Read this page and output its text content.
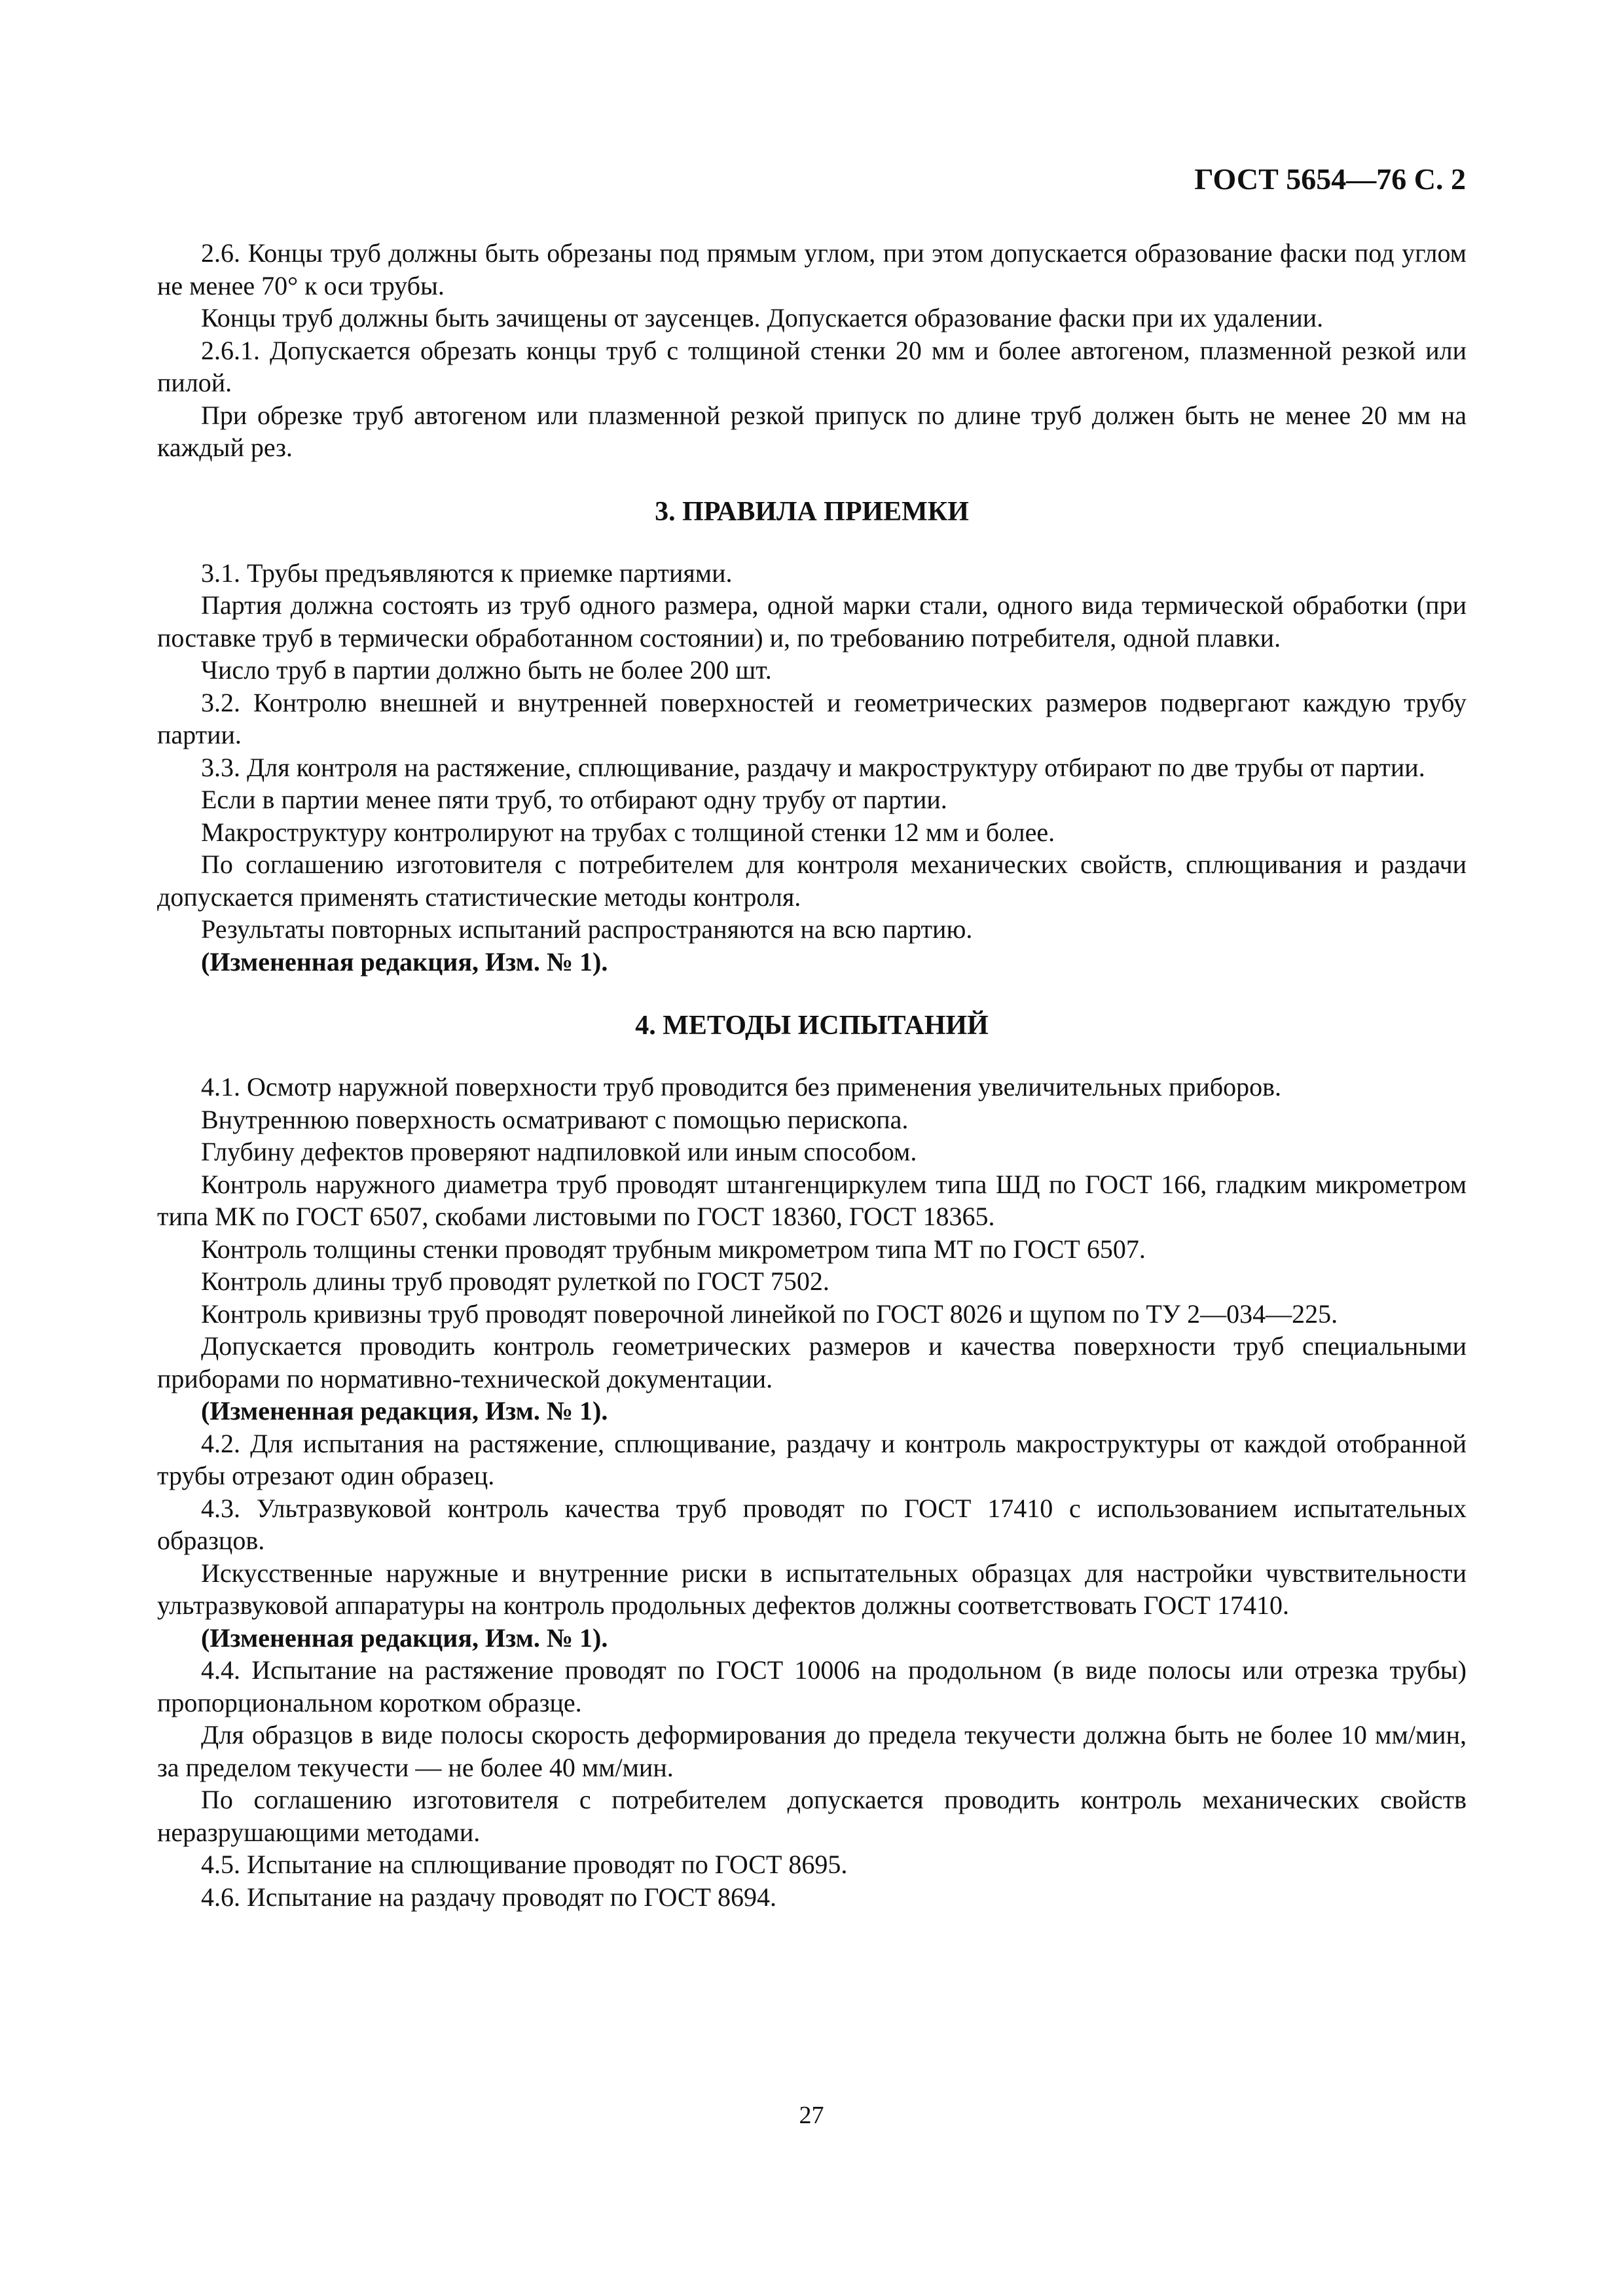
ГОСТ 5654—76 С. 2

2.6. Концы труб должны быть обрезаны под прямым углом, при этом допускается образование фаски под углом не менее 70° к оси трубы.

Концы труб должны быть зачищены от заусенцев. Допускается образование фаски при их удалении.

2.6.1. Допускается обрезать концы труб с толщиной стенки 20 мм и более автогеном, плазменной резкой или пилой.

При обрезке труб автогеном или плазменной резкой припуск по длине труб должен быть не менее 20 мм на каждый рез.

3. ПРАВИЛА ПРИЕМКИ

3.1. Трубы предъявляются к приемке партиями.

Партия должна состоять из труб одного размера, одной марки стали, одного вида термической обработки (при поставке труб в термически обработанном состоянии) и, по требованию потребителя, одной плавки.

Число труб в партии должно быть не более 200 шт.

3.2. Контролю внешней и внутренней поверхностей и геометрических размеров подвергают каждую трубу партии.

3.3. Для контроля на растяжение, сплющивание, раздачу и макроструктуру отбирают по две трубы от партии.

Если в партии менее пяти труб, то отбирают одну трубу от партии.

Макроструктуру контролируют на трубах с толщиной стенки 12 мм и более.

По соглашению изготовителя с потребителем для контроля механических свойств, сплющивания и раздачи допускается применять статистические методы контроля.

Результаты повторных испытаний распространяются на всю партию.

(Измененная редакция, Изм. № 1).

4. МЕТОДЫ ИСПЫТАНИЙ

4.1. Осмотр наружной поверхности труб проводится без применения увеличительных приборов.

Внутреннюю поверхность осматривают с помощью перископа.

Глубину дефектов проверяют надпиловкой или иным способом.

Контроль наружного диаметра труб проводят штангенциркулем типа ШД по ГОСТ 166, гладким микрометром типа МК по ГОСТ 6507, скобами листовыми по ГОСТ 18360, ГОСТ 18365.

Контроль толщины стенки проводят трубным микрометром типа МТ по ГОСТ 6507.

Контроль длины труб проводят рулеткой по ГОСТ 7502.

Контроль кривизны труб проводят поверочной линейкой по ГОСТ 8026 и щупом по ТУ 2—034—225.

Допускается проводить контроль геометрических размеров и качества поверхности труб специальными приборами по нормативно-технической документации.

(Измененная редакция, Изм. № 1).

4.2. Для испытания на растяжение, сплющивание, раздачу и контроль макроструктуры от каждой отобранной трубы отрезают один образец.

4.3. Ультразвуковой контроль качества труб проводят по ГОСТ 17410 с использованием испытательных образцов.

Искусственные наружные и внутренние риски в испытательных образцах для настройки чувствительности ультразвуковой аппаратуры на контроль продольных дефектов должны соответствовать ГОСТ 17410.

(Измененная редакция, Изм. № 1).

4.4. Испытание на растяжение проводят по ГОСТ 10006 на продольном (в виде полосы или отрезка трубы) пропорциональном коротком образце.

Для образцов в виде полосы скорость деформирования до предела текучести должна быть не более 10 мм/мин, за пределом текучести — не более 40 мм/мин.

По соглашению изготовителя с потребителем допускается проводить контроль механических свойств неразрушающими методами.

4.5. Испытание на сплющивание проводят по ГОСТ 8695.

4.6. Испытание на раздачу проводят по ГОСТ 8694.

27
